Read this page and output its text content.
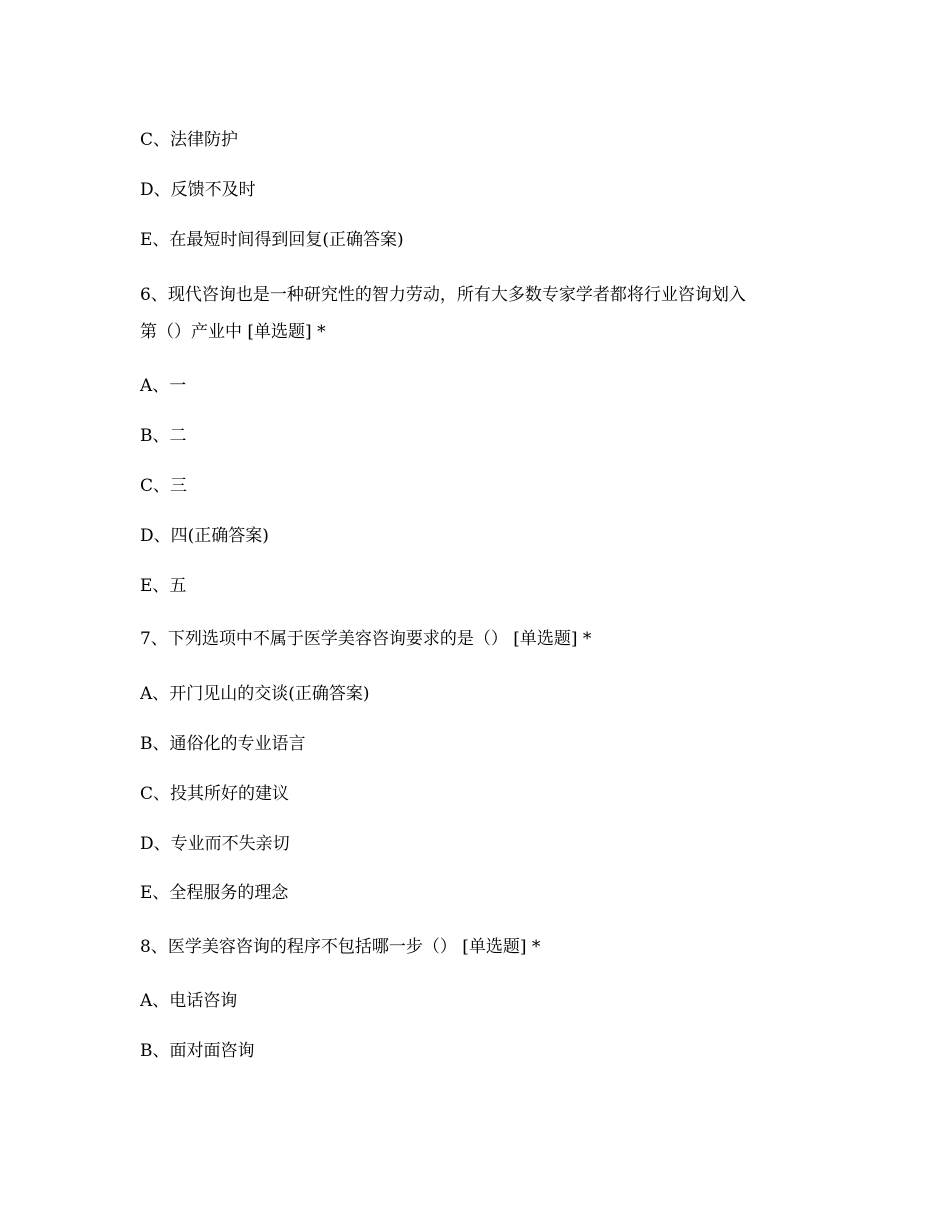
C、法律防护
D、反馈不及时
E、在最短时间得到回复(正确答案)
6、现代咨询也是一种研究性的智力劳动，所有大多数专家学者都将行业咨询划入
第（）产业中 [单选题] *
A、一
B、二
C、三
D、四(正确答案)
E、五
7、下列选项中不属于医学美容咨询要求的是（） [单选题] *
A、开门见山的交谈(正确答案)
B、通俗化的专业语言
C、投其所好的建议
D、专业而不失亲切
E、全程服务的理念
8、医学美容咨询的程序不包括哪一步（） [单选题] *
A、电话咨询
B、面对面咨询
